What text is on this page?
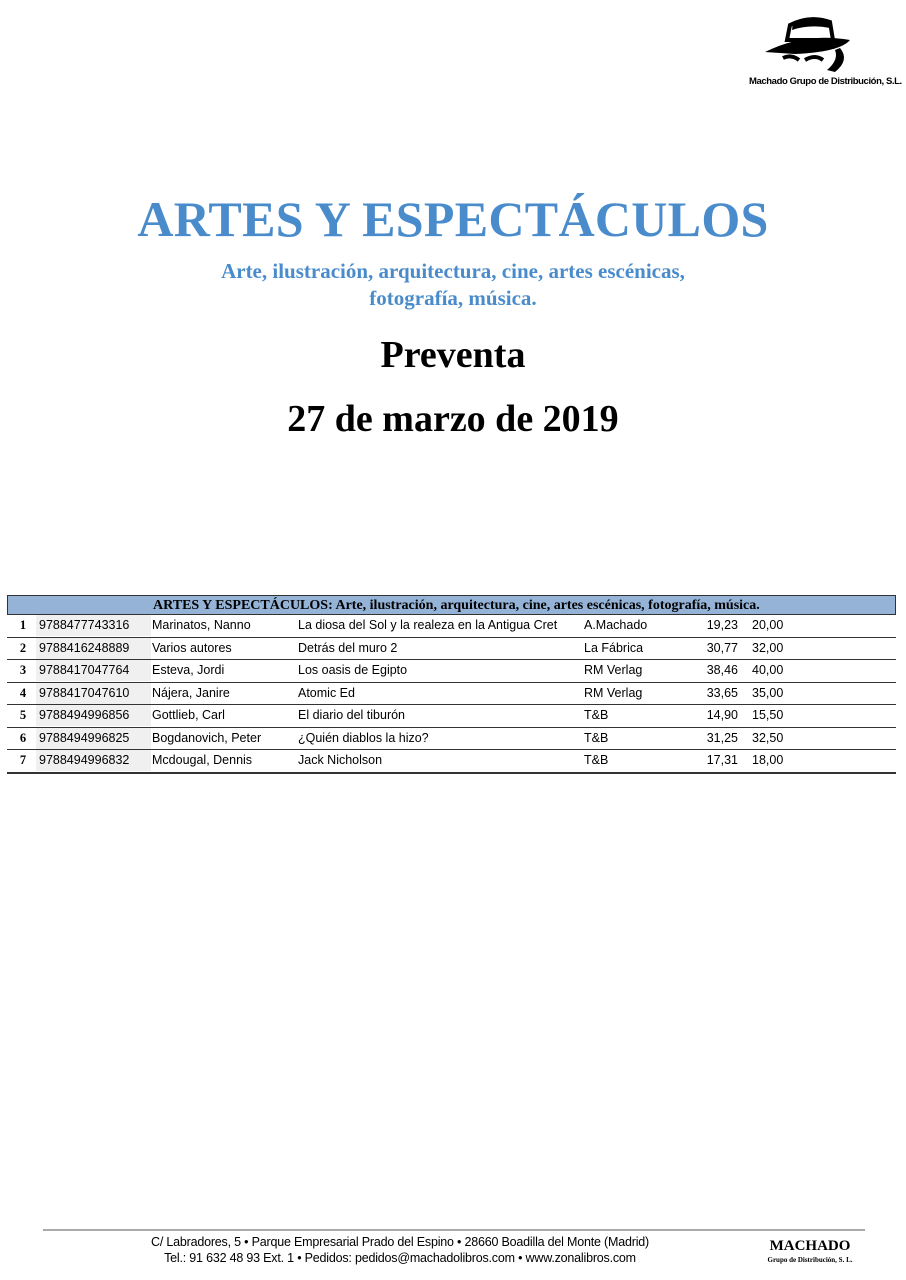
Machado Grupo de Distribución, S.L.
ARTES Y ESPECTÁCULOS
Arte, ilustración, arquitectura, cine, artes escénicas,
fotografía, música.
Preventa
27 de marzo de 2019
ARTES Y ESPECTÁCULOS: Arte, ilustración, arquitectura, cine, artes escénicas, fotografía, música.
1	9788477743316	Marinatos, Nanno	La diosa del Sol y la realeza en la Antigua Cret	A.Machado	19,23 20,00
2	9788416248889	Varios autores	Detrás del muro 2	La Fábrica	30,77 32,00
3	9788417047764	Esteva, Jordi	Los oasis de Egipto	RM Verlag	38,46 40,00
4	9788417047610	Nájera, Janire	Atomic Ed	RM Verlag	33,65 35,00
5	9788494996856	Gottlieb, Carl	El diario del tiburón	T&B	14,90 15,50
6	9788494996825	Bogdanovich, Peter	¿Quién diablos la hizo?	T&B	31,25 32,50
7	9788494996832	Mcdougal, Dennis	Jack Nicholson	T&B	17,31 18,00
C/ Labradores, 5 • Parque Empresarial Prado del Espino • 28660 Boadilla del Monte (Madrid)
Tel.: 91 632 48 93 Ext. 1 • Pedidos: pedidos@machadolibros.com • www.zonalibros.com
MACHADO
Grupo de Distribución, S. L.
